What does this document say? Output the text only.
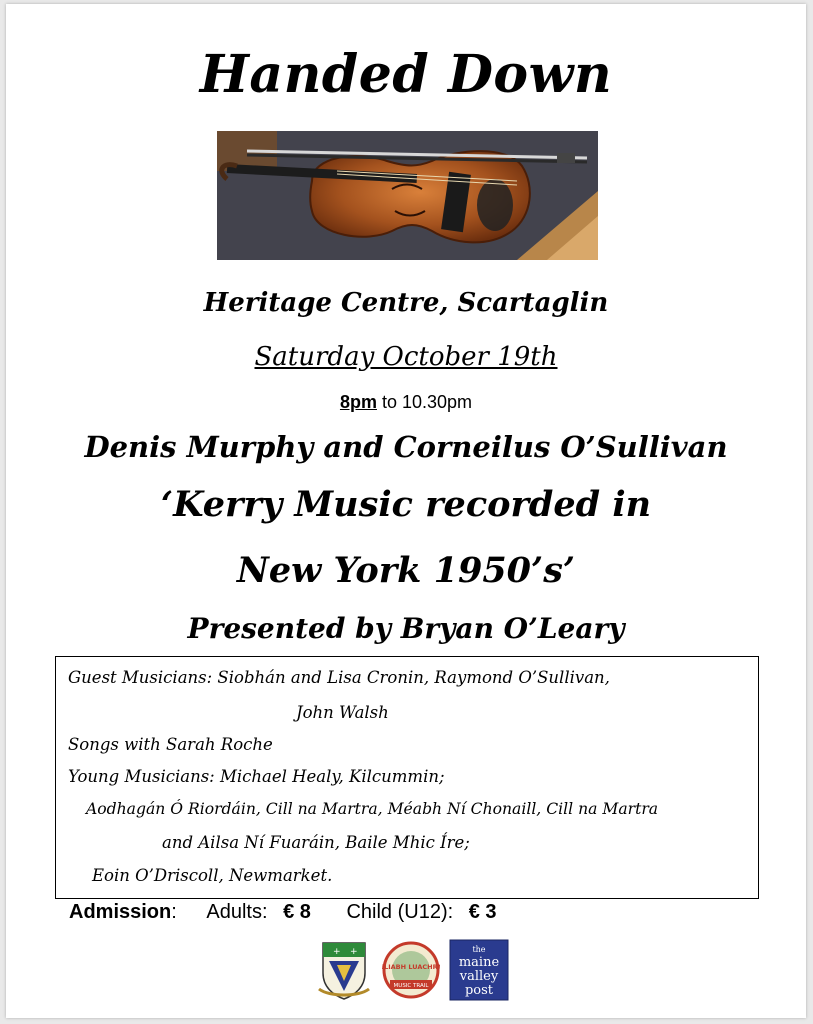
Handed Down
Heritage Centre, Scartaglin
Saturday October 19th
8pm to 10.30pm
Denis Murphy and Corneilus O’Sullivan
‘Kerry Music recorded in
New York 1950’s’
Presented by Bryan O’Leary
Guest Musicians: Siobhán and Lisa Cronin, Raymond O’Sullivan,
John Walsh
Songs with Sarah Roche
Young Musicians: Michael Healy, Kilcummin;
Aodhagán Ó Riordáin, Cill na Martra, Méabh Ní Chonaill, Cill na Martra
and Ailsa Ní Fuaráin, Baile Mhic Íre;
Eoin O’Driscoll, Newmarket.
Admission: Adults: € 8 Child (U12): € 3
+ +
SLIABH LUACHRA
MUSIC TRAIL
the
maine
valley
post
